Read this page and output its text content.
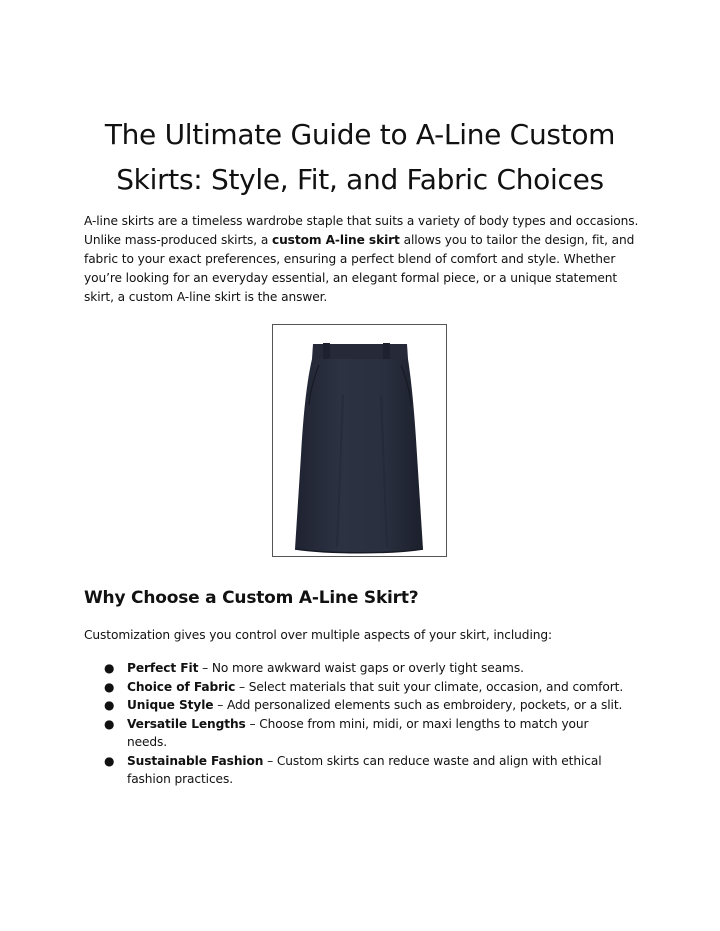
The Ultimate Guide to A-Line Custom Skirts: Style, Fit, and Fabric Choices

A-line skirts are a timeless wardrobe staple that suits a variety of body types and occasions. Unlike mass-produced skirts, a custom A-line skirt allows you to tailor the design, fit, and fabric to your exact preferences, ensuring a perfect blend of comfort and style. Whether you’re looking for an everyday essential, an elegant formal piece, or a unique statement skirt, a custom A-line skirt is the answer.

Why Choose a Custom A-Line Skirt?

Customization gives you control over multiple aspects of your skirt, including:

● Perfect Fit – No more awkward waist gaps or overly tight seams.
● Choice of Fabric – Select materials that suit your climate, occasion, and comfort.
● Unique Style – Add personalized elements such as embroidery, pockets, or a slit.
● Versatile Lengths – Choose from mini, midi, or maxi lengths to match your needs.
● Sustainable Fashion – Custom skirts can reduce waste and align with ethical fashion practices.
